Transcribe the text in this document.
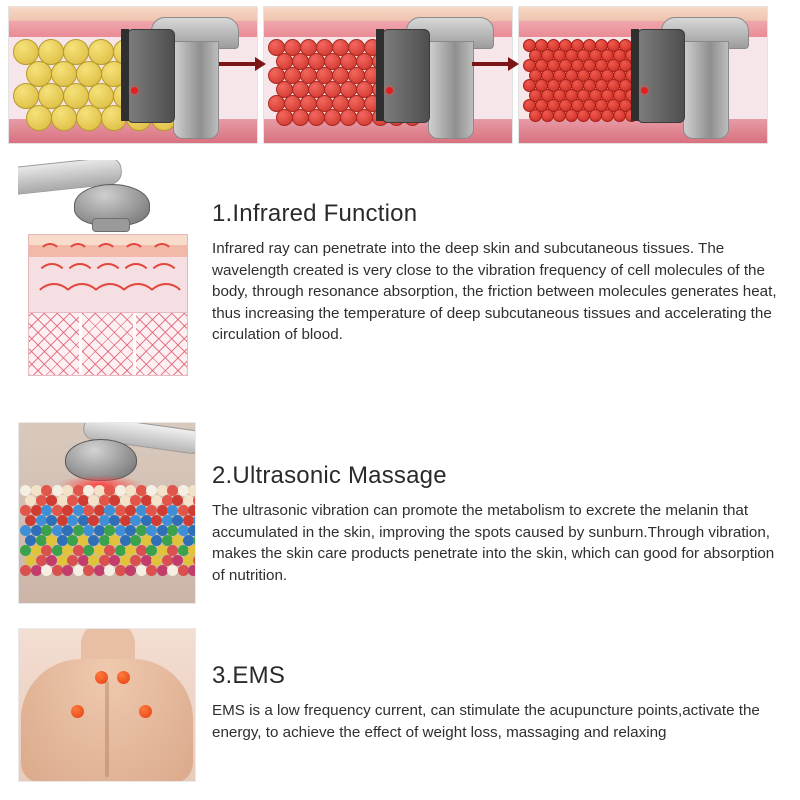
1.Infrared Function

Infrared ray can penetrate into the deep skin and subcutaneous tissues. The wavelength created is very close to the vibration frequency of cell molecules of the body, through resonance absorption, the friction between molecules generates heat, thus increasing the temperature of deep subcutaneous tissues and accelerating the circulation of blood.

2.Ultrasonic Massage

The ultrasonic vibration can promote the metabolism to excrete the melanin that accumulated in the skin, improving the spots caused by sunburn.Through vibration, makes the skin care products penetrate into the skin, which can good for absorption of nutrition.

3.EMS

EMS is a low frequency current, can stimulate the acupuncture points,activate the energy, to achieve the effect of weight loss, massaging and relaxing
